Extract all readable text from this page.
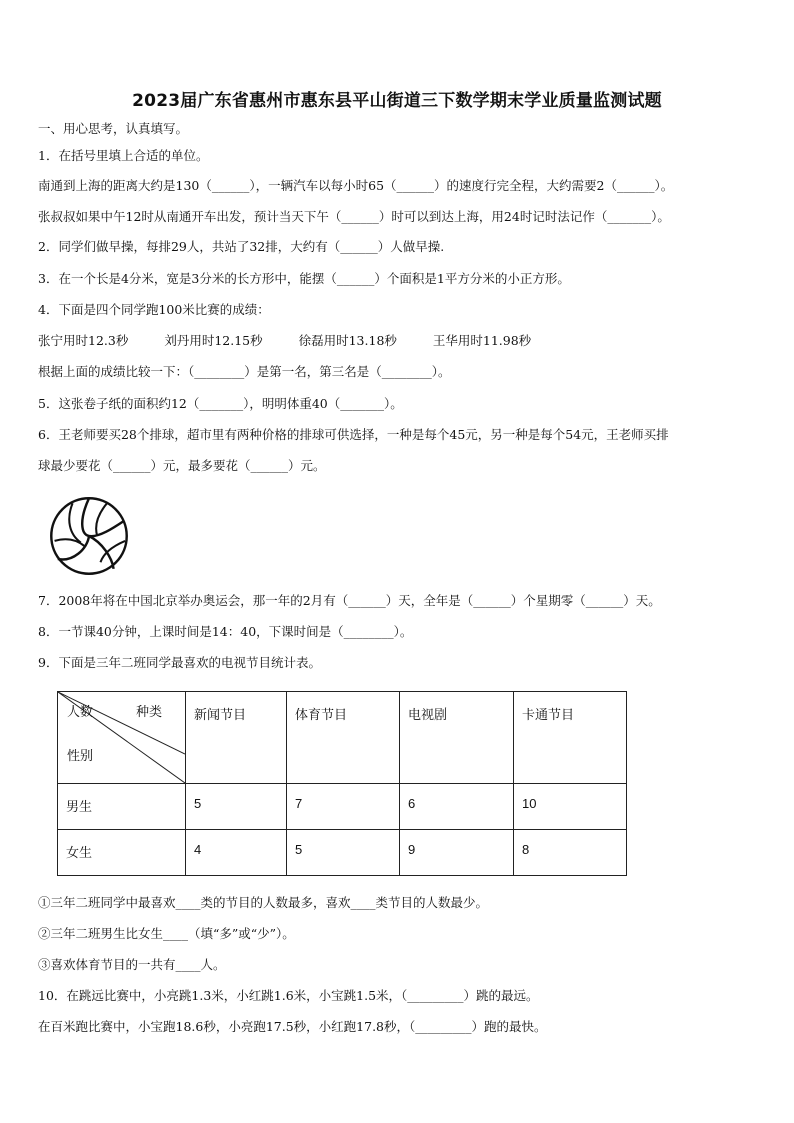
2023届广东省惠州市惠东县平山街道三下数学期末学业质量监测试题
一、用心思考，认真填写。
1．在括号里填上合适的单位。
南通到上海的距离大约是130（______），一辆汽车以每小时65（______）的速度行完全程，大约需要2（______）。
张叔叔如果中午12时从南通开车出发，预计当天下午（______）时可以到达上海，用24时记时法记作（_______）。
2．同学们做早操，每排29人，共站了32排，大约有（______）人做早操.
3．在一个长是4分米，宽是3分米的长方形中，能摆（______）个面积是1平方分米的小正方形。
4．下面是四个同学跑100米比赛的成绩：
张宁用时12.3秒	刘丹用时12.15秒	徐磊用时13.18秒	王华用时11.98秒
根据上面的成绩比较一下：（________）是第一名，第三名是（________）。
5．这张卷子纸的面积约12（_______），明明体重40（_______）。
6．王老师要买28个排球，超市里有两种价格的排球可供选择，一种是每个45元，另一种是每个54元，王老师买排
球最少要花（______）元，最多要花（______）元。
7．2008年将在中国北京举办奥运会，那一年的2月有（______）天，全年是（______）个星期零（______）天。
8．一节课40分钟，上课时间是14：40，下课时间是（________）。
9．下面是三年二班同学最喜欢的电视节目统计表。
人数 种类
性别	新闻节目	体育节目	电视剧	卡通节目

男生	5	7	6	10

女生	4	5	9	8
①三年二班同学中最喜欢____类的节目的人数最多，喜欢____类节目的人数最少。
②三年二班男生比女生____（填“多”或“少”）。
③喜欢体育节目的一共有____人。
10．在跳远比赛中，小亮跳1.3米，小红跳1.6米，小宝跳1.5米，（_________）跳的最远。
在百米跑比赛中，小宝跑18.6秒，小亮跑17.5秒，小红跑17.8秒，（_________）跑的最快。
